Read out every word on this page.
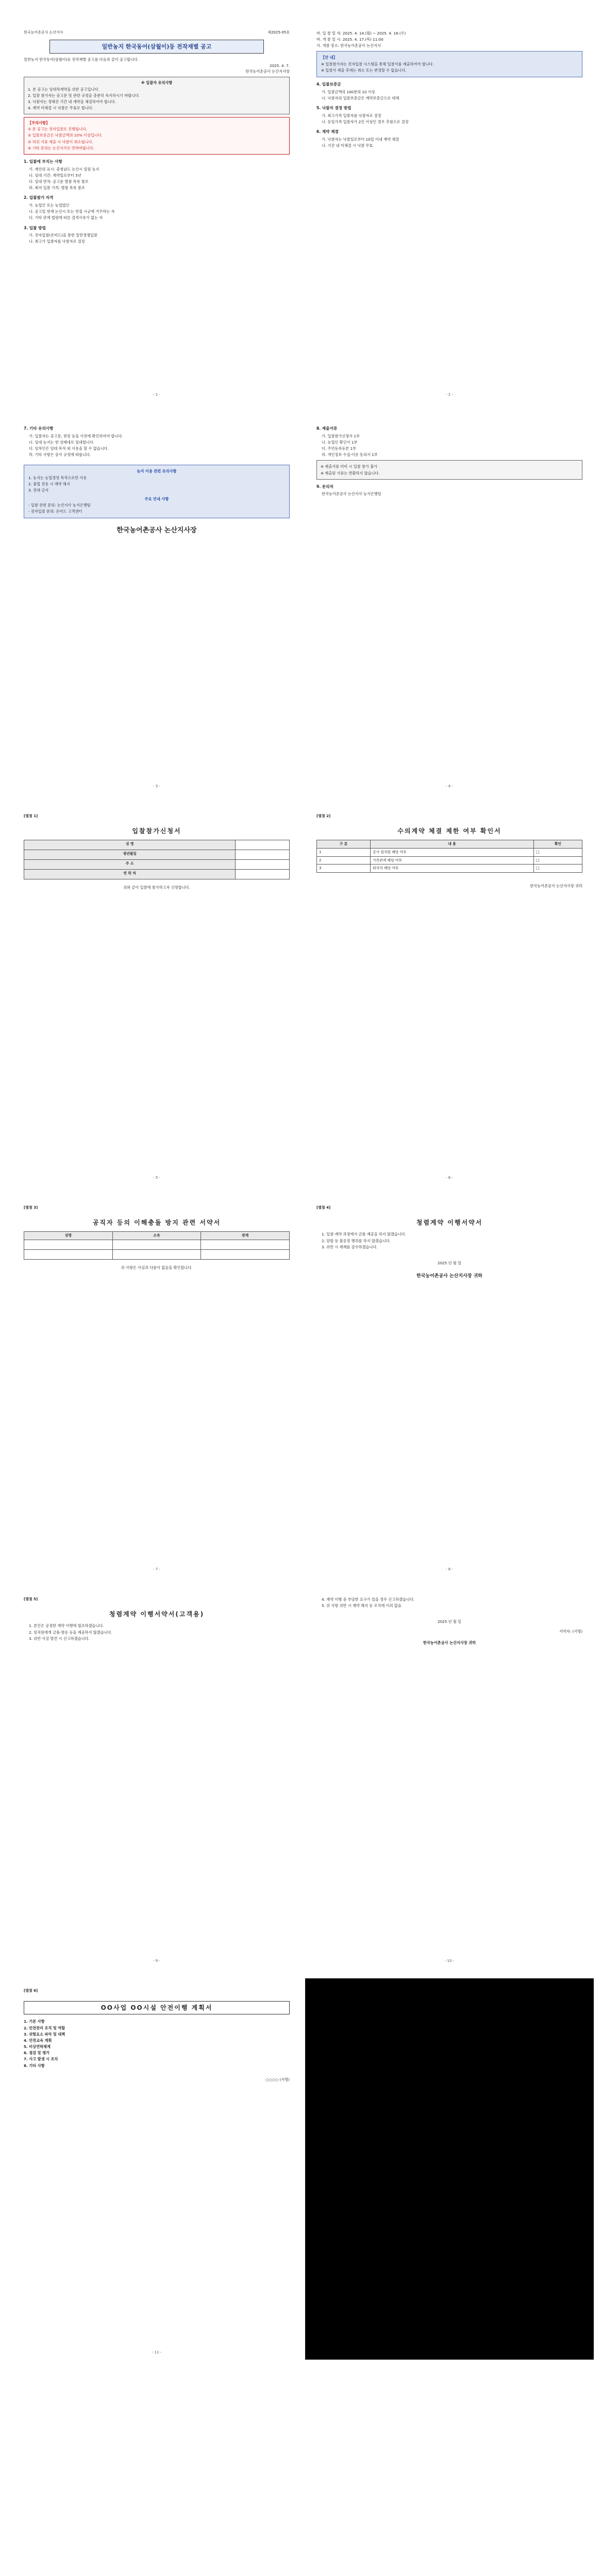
한국농어촌공사 논산지사	제2025-05호
일반농지 한국동어(삼월이)등 전작재별 공고
일반농지 한국동어(삼월이)등 전작재별 공고를 다음과 같이 공고합니다.
2025. 4. 7.
한국농어촌공사 논산지사장
※ 입찰자 유의사항
1. 본 공고는 임대차계약을 위한 공고입니다.
2. 입찰 참가자는 공고문 및 관련 규정을 충분히 숙지하시기 바랍니다.
3. 낙찰자는 정해진 기간 내 계약을 체결하여야 합니다.
4. 계약 미체결 시 낙찰은 무효로 합니다.
【주의사항】
① 본 공고는 전자입찰로 진행됩니다.
② 입찰보증금은 낙찰금액의 10% 이상입니다.
③ 허위 서류 제출 시 낙찰이 취소됩니다.
④ 기타 문의는 논산지사로 연락바랍니다.
1. 입찰에 부치는 사항
가. 재산의 표시: 충청남도 논산시 일원 농지
나. 임대 기간: 계약일로부터 5년
다. 임대 면적: 공고문 별첨 목록 참조
라. 최저 입찰 가격: 별첨 목록 참조
2. 입찰참가 자격
가. 농업인 또는 농업법인
나. 공고일 현재 논산시 또는 연접 시군에 거주하는 자
다. 기타 관계 법령에 따른 결격사유가 없는 자
3. 입찰 방법
가. 전자입찰(온비드)을 통한 일반경쟁입찰
나. 최고가 입찰자를 낙찰자로 결정
- 1 -
마. 입 찰 일 자: 2025. 4. 14.(월) ~ 2025. 4. 16.(수)
바. 개 찰 일 시: 2025. 4. 17.(목) 11:00
사. 개찰 장소: 한국농어촌공사 논산지사
【안 내】
※ 입찰참가자는 전자입찰 시스템을 통해 입찰서를 제출하여야 합니다.
※ 입찰서 제출 후에는 취소 또는 변경할 수 없습니다.
4. 입찰보증금
가. 입찰금액의 100분의 10 이상
나. 낙찰자의 입찰보증금은 계약보증금으로 대체
5. 낙찰자 결정 방법
가. 최고가격 입찰자를 낙찰자로 결정
나. 동일가격 입찰자가 2인 이상인 경우 추첨으로 결정
6. 계약 체결
가. 낙찰자는 낙찰일로부터 10일 이내 계약 체결
나. 기간 내 미체결 시 낙찰 무효
- 2 -
7. 기타 유의사항
가. 입찰자는 공고문, 현장 등을 사전에 확인하여야 합니다.
나. 임대 농지는 현 상태대로 임대합니다.
다. 임차인은 임대 목적 외 사용을 할 수 없습니다.
라. 기타 사항은 공사 규정에 따릅니다.
농지 이용 관련 유의사항
1. 농지는 농업경영 목적으로만 사용
2. 불법 전용 시 계약 해지
3. 전대 금지
주요 안내 사항
- 입찰 관련 문의: 논산지사 농지은행팀
- 전자입찰 문의: 온비드 고객센터
한국농어촌공사 논산지사장
- 3 -
8. 제출서류
가. 입찰참가신청서 1부
나. 농업인 확인서 1부
다. 주민등록등본 1부
라. 개인정보 수집·이용 동의서 1부
※ 제출서류 미비 시 입찰 참가 불가
※ 제출된 서류는 반환하지 않습니다.
9. 문의처
한국농어촌공사 논산지사 농지은행팀
- 4 -
[별첨 1]
입찰참가신청서
성 명	
생년월일	
주 소	
연 락 처	
위와 같이 입찰에 참가하고자 신청합니다.
- 5 -
[별첨 2]
수의계약 체결 제한 여부 확인서
구 분	내 용	확인
1	공사 임직원 해당 여부	□
2	가족관계 해당 여부	□
3	퇴직자 해당 여부	□
한국농어촌공사 논산지사장 귀하
- 6 -
[별첨 3]
공직자 등의 이해충돌 방지 관련 서약서
성명	소속	관계

위 사항은 사실과 다름이 없음을 확인합니다.
- 7 -
[별첨 4]
청렴계약 이행서약서
1. 입찰·계약 과정에서 금품 제공을 하지 않겠습니다.
2. 담합 등 불공정 행위를 하지 않겠습니다.
3. 위반 시 제재를 감수하겠습니다.
2025 년 월 일
한국농어촌공사 논산지사장 귀하
- 8 -
[별첨 5]
청렴계약 이행서약서(고객용)
1. 본인은 공정한 계약 이행에 협조하겠습니다.
2. 임직원에게 금품·향응 등을 제공하지 않겠습니다.
3. 위반 사실 발견 시 신고하겠습니다.
- 9 -
4. 계약 이행 중 부당한 요구가 있을 경우 신고하겠습니다.
5. 위 사항 위반 시 계약 해지 등 조치에 이의 없음.
2025 년 월 일
서약자: (서명)
한국농어촌공사 논산지사장 귀하
- 10 -
[별첨 6]
OO사업 OO시설 안전이행 계획서
1. 기본 사항
2. 안전관리 조직 및 역할
3. 위험요소 파악 및 대책
4. 안전교육 계획
5. 비상연락체계
6. 점검 및 평가
7. 사고 발생 시 조치
8. 기타 사항
○○○○ (서명)
- 11 -
